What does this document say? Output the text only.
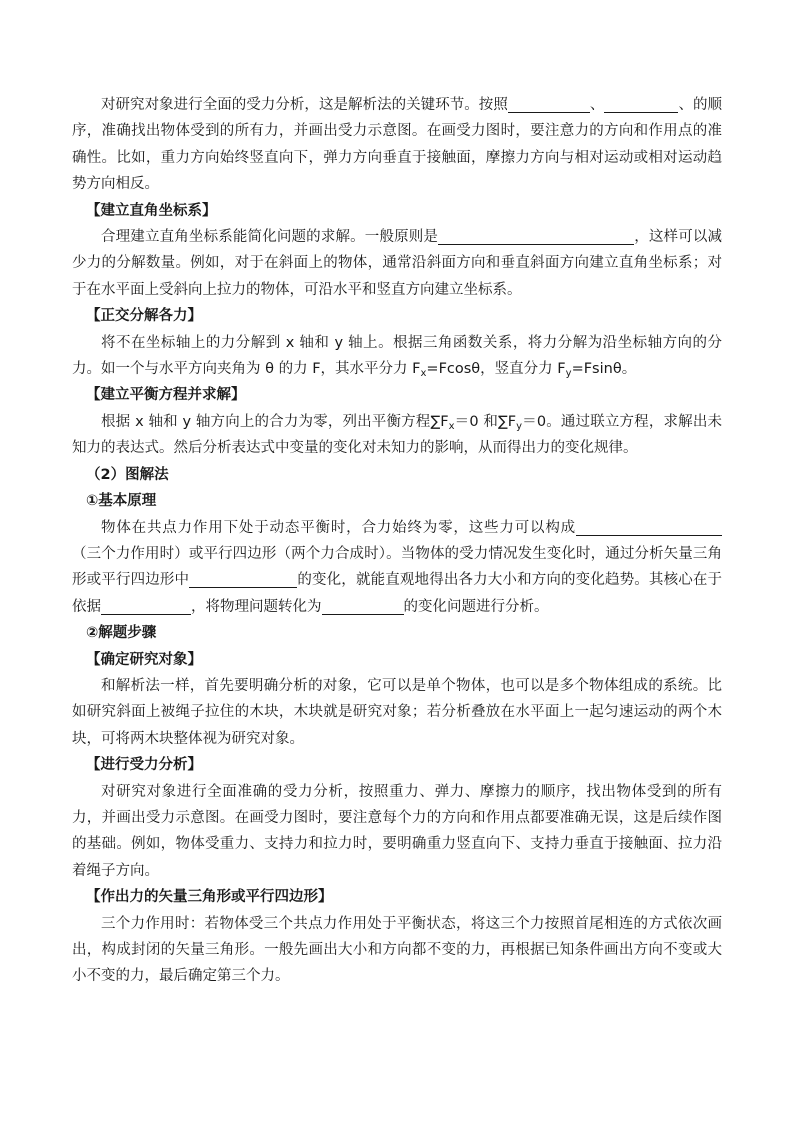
对研究对象进行全面的受力分析，这是解析法的关键环节。按照	、	、的顺序，准确找出物体受到的所有力，并画出受力示意图。在画受力图时，要注意力的方向和作用点的准确性。比如，重力方向始终竖直向下，弹力方向垂直于接触面，摩擦力方向与相对运动或相对运动趋势方向相反。

【建立直角坐标系】

合理建立直角坐标系能简化问题的求解。一般原则是	，这样可以减少力的分解数量。例如，对于在斜面上的物体，通常沿斜面方向和垂直斜面方向建立直角坐标系；对于在水平面上受斜向上拉力的物体，可沿水平和竖直方向建立坐标系。

【正交分解各力】

将不在坐标轴上的力分解到 x 轴和 y 轴上。根据三角函数关系，将力分解为沿坐标轴方向的分力。如一个与水平方向夹角为 θ 的力 F，其水平分力 $F_x=Fcos\theta$，竖直分力 $F_y=Fsin\theta$。

【建立平衡方程并求解】

根据 x 轴和 y 轴方向上的合力为零，列出平衡方程$\sum F_x=0$ 和$\sum F_y=0$。通过联立方程，求解出未知力的表达式。然后分析表达式中变量的变化对未知力的影响，从而得出力的变化规律。

（2）图解法

①基本原理

物体在共点力作用下处于动态平衡时，合力始终为零，这些力可以构成（三个力作用时）或平行四边形（两个力合成时）。当物体的受力情况发生变化时，通过分析矢量三角形或平行四边形中	的变化，就能直观地得出各力大小和方向的变化趋势。其核心在于依据	，将物理问题转化为	的变化问题进行分析。

②解题步骤

【确定研究对象】

和解析法一样，首先要明确分析的对象，它可以是单个物体，也可以是多个物体组成的系统。比如研究斜面上被绳子拉住的木块，木块就是研究对象；若分析叠放在水平面上一起匀速运动的两个木块，可将两木块整体视为研究对象。

【进行受力分析】

对研究对象进行全面准确的受力分析，按照重力、弹力、摩擦力的顺序，找出物体受到的所有力，并画出受力示意图。在画受力图时，要注意每个力的方向和作用点都要准确无误，这是后续作图的基础。例如，物体受重力、支持力和拉力时，要明确重力竖直向下、支持力垂直于接触面、拉力沿着绳子方向。

【作出力的矢量三角形或平行四边形】

三个力作用时：若物体受三个共点力作用处于平衡状态，将这三个力按照首尾相连的方式依次画出，构成封闭的矢量三角形。一般先画出大小和方向都不变的力，再根据已知条件画出方向不变或大小不变的力，最后确定第三个力。
